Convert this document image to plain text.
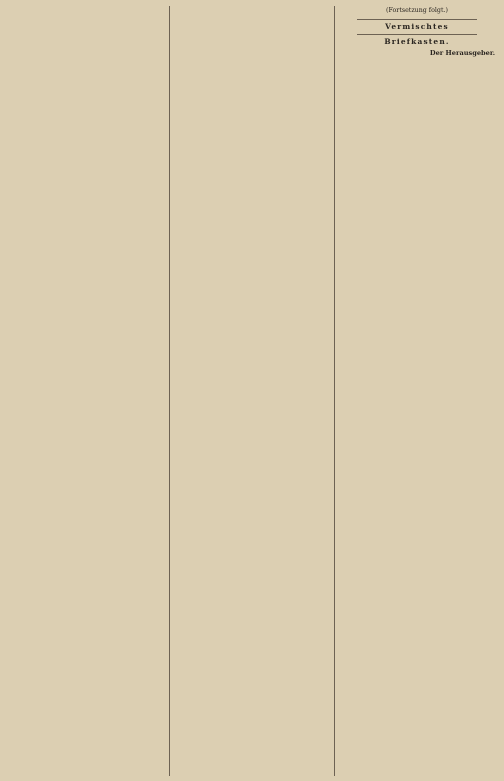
(Fortsetzung folgt.)
Vermischtes

Briefkasten.

Der Herausgeber.
